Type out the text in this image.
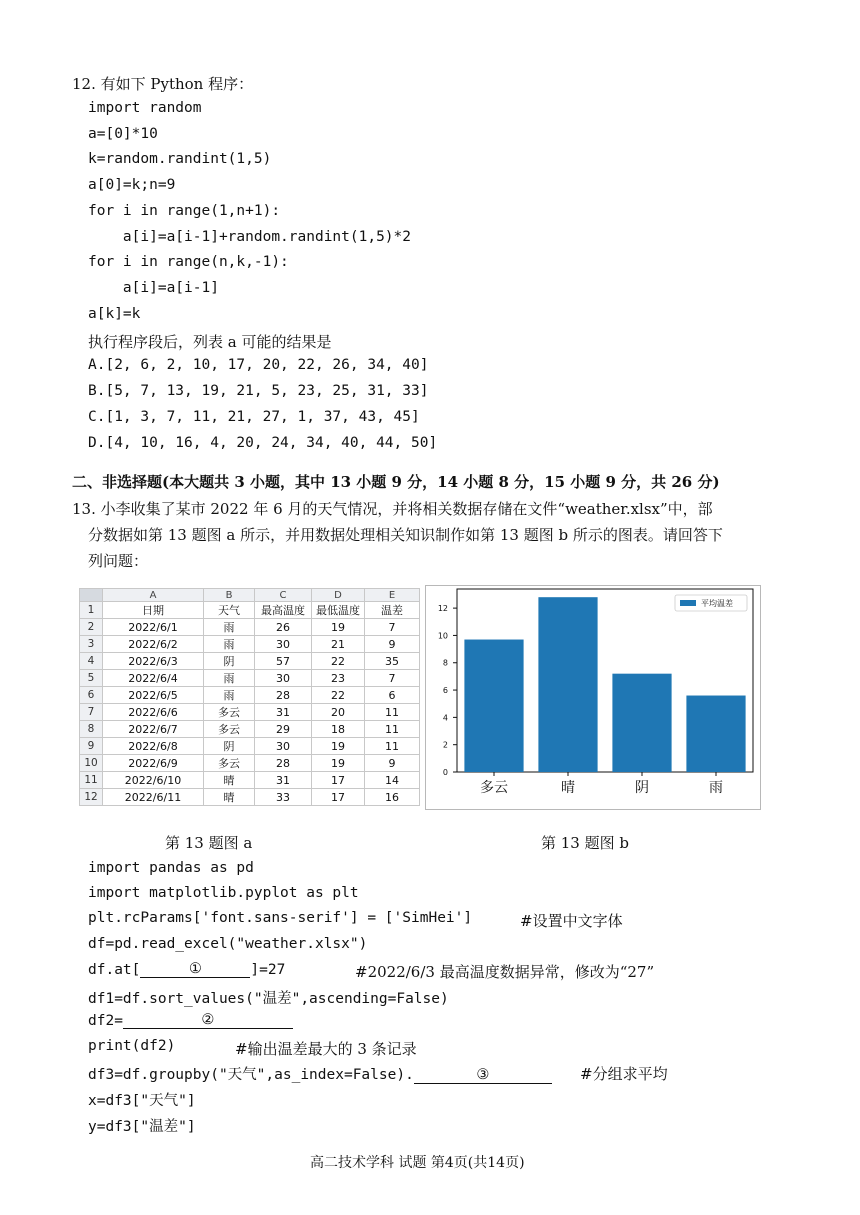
12. 有如下 Python 程序：
import random
a=[0]*10
k=random.randint(1,5)
a[0]=k;n=9
for i in range(1,n+1):
a[i]=a[i-1]+random.randint(1,5)*2
for i in range(n,k,-1):
a[i]=a[i-1]
a[k]=k
执行程序段后，列表 a 可能的结果是
A.[2, 6, 2, 10, 17, 20, 22, 26, 34, 40]
B.[5, 7, 13, 19, 21, 5, 23, 25, 31, 33]
C.[1, 3, 7, 11, 21, 27, 1, 37, 43, 45]
D.[4, 10, 16, 4, 20, 24, 34, 40, 44, 50]
二、非选择题(本大题共 3 小题，其中 13 小题 9 分，14 小题 8 分，15 小题 9 分，共 26 分)
13. 小李收集了某市 2022 年 6 月的天气情况，并将相关数据存储在文件“weather.xlsx”中，部
分数据如第 13 题图 a 所示，并用数据处理相关知识制作如第 13 题图 b 所示的图表。请回答下
列问题：
	A	B	C	D	E
1	日期	天气	最高温度	最低温度	温差
2	2022/6/1	雨	26	19	7
3	2022/6/2	雨	30	21	9
4	2022/6/3	阴	57	22	35
5	2022/6/4	雨	30	23	7
6	2022/6/5	雨	28	22	6
7	2022/6/6	多云	31	20	11
8	2022/6/7	多云	29	18	11
9	2022/6/8	阴	30	19	11
10	2022/6/9	多云	28	19	9
11	2022/6/10	晴	31	17	14
12	2022/6/11	晴	33	17	16
0
2
4
6
8
10
12
多云	晴	阴	雨
平均温差
第 13 题图 a	第 13 题图 b
import pandas as pd
import matplotlib.pyplot as plt
plt.rcParams['font.sans-serif'] = ['SimHei']	#设置中文字体
df=pd.read_excel("weather.xlsx")
df.at[	①	]=27	#2022/6/3 最高温度数据异常，修改为“27”
df1=df.sort_values("温差",ascending=False)
df2=	②
print(df2)	#输出温差最大的 3 条记录
df3=df.groupby("天气",as_index=False).	③	#分组求平均
x=df3["天气"]
y=df3["温差"]
高二技术学科 试题 第4页(共14页)
